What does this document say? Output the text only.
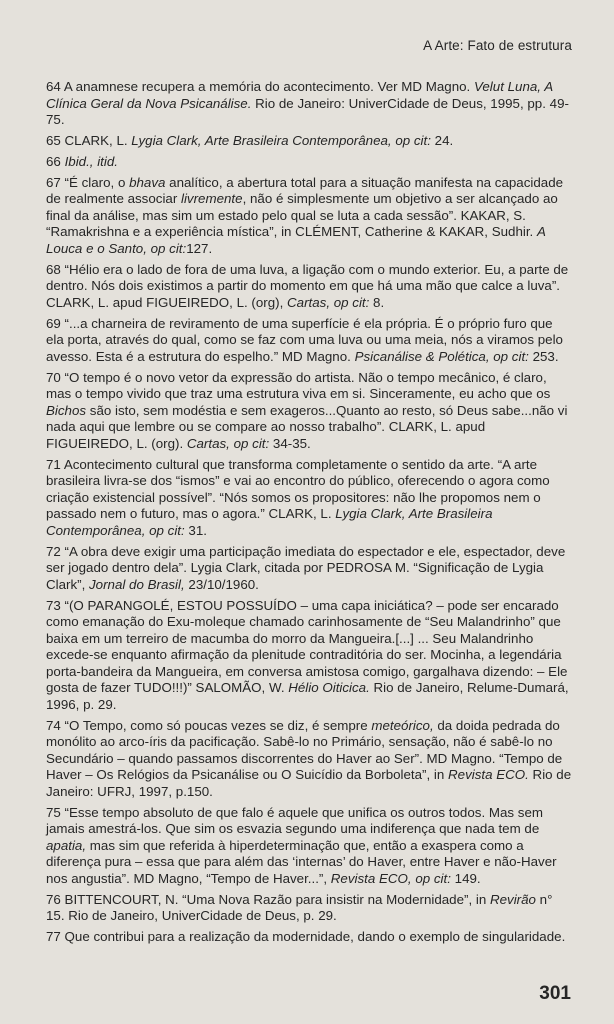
A Arte: Fato de estrutura

64 A anamnese recupera a memória do acontecimento. Ver MD Magno. Velut Luna, A Clínica Geral da Nova Psicanálise. Rio de Janeiro: UniverCidade de Deus, 1995, pp. 49-75.

65 CLARK, L. Lygia Clark, Arte Brasileira Contemporânea, op cit: 24.

66 Ibid., itid.

67 “É claro, o bhava analítico, a abertura total para a situação manifesta na capacidade de realmente associar livremente, não é simplesmente um objetivo a ser alcançado ao final da análise, mas sim um estado pelo qual se luta a cada sessão”. KAKAR, S. “Ramakrishna e a experiência mística”, in CLÉMENT, Catherine & KAKAR, Sudhir. A Louca e o Santo, op cit:127.

68 “Hélio era o lado de fora de uma luva, a ligação com o mundo exterior. Eu, a parte de dentro. Nós dois existimos a partir do momento em que há uma mão que calce a luva”. CLARK, L. apud FIGUEIREDO, L. (org), Cartas, op cit: 8.

69 “...a charneira de reviramento de uma superfície é ela própria. É o próprio furo que ela porta, através do qual, como se faz com uma luva ou uma meia, nós a viramos pelo avesso. Esta é a estrutura do espelho.” MD Magno. Psicanálise & Polética, op cit: 253.

70 “O tempo é o novo vetor da expressão do artista. Não o tempo mecânico, é claro, mas o tempo vivido que traz uma estrutura viva em si. Sinceramente, eu acho que os Bichos são isto, sem modéstia e sem exageros...Quanto ao resto, só Deus sabe...não vi nada aqui que lembre ou se compare ao nosso trabalho”. CLARK, L. apud FIGUEIREDO, L. (org). Cartas, op cit: 34-35.

71 Acontecimento cultural que transforma completamente o sentido da arte. “A arte brasileira livra-se dos “ismos” e vai ao encontro do público, oferecendo o agora como criação existencial possível”. “Nós somos os propositores: não lhe propomos nem o passado nem o futuro, mas o agora.” CLARK, L. Lygia Clark, Arte Brasileira Contemporânea, op cit: 31.

72 “A obra deve exigir uma participação imediata do espectador e ele, espectador, deve ser jogado dentro dela”. Lygia Clark, citada por PEDROSA M. “Significação de Lygia Clark”, Jornal do Brasil, 23/10/1960.

73 “(O PARANGOLÉ, ESTOU POSSUÍDO – uma capa iniciática? – pode ser encarado como emanação do Exu-moleque chamado carinhosamente de “Seu Malandrinho” que baixa em um terreiro de macumba do morro da Mangueira.[...] ... Seu Malandrinho excede-se enquanto afirmação da plenitude contraditória do ser. Mocinha, a legendária porta-bandeira da Mangueira, em conversa amistosa comigo, gargalhava dizendo: – Ele gosta de fazer TUDO!!!)” SALOMÃO, W. Hélio Oiticica. Rio de Janeiro, Relume-Dumará, 1996, p. 29.

74 “O Tempo, como só poucas vezes se diz, é sempre meteórico, da doida pedrada do monólito ao arco-íris da pacificação. Sabê-lo no Primário, sensação, não é sabê-lo no Secundário – quando passamos discorrentes do Haver ao Ser”. MD Magno. “Tempo de Haver – Os Relógios da Psicanálise ou O Suicídio da Borboleta”, in Revista ECO. Rio de Janeiro: UFRJ, 1997, p.150.

75 “Esse tempo absoluto de que falo é aquele que unifica os outros todos. Mas sem jamais amestrá-los. Que sim os esvazia segundo uma indiferença que nada tem de apatia, mas sim que referida à hiperdeterminação que, então a exaspera como a diferença pura – essa que para além das ‘internas’ do Haver, entre Haver e não-Haver nos angustia”. MD Magno, “Tempo de Haver...”, Revista ECO, op cit: 149.

76 BITTENCOURT, N. “Uma Nova Razão para insistir na Modernidade”, in Revirão n° 15. Rio de Janeiro, UniverCidade de Deus, p. 29.

77 Que contribui para a realização da modernidade, dando o exemplo de singularidade.

301
